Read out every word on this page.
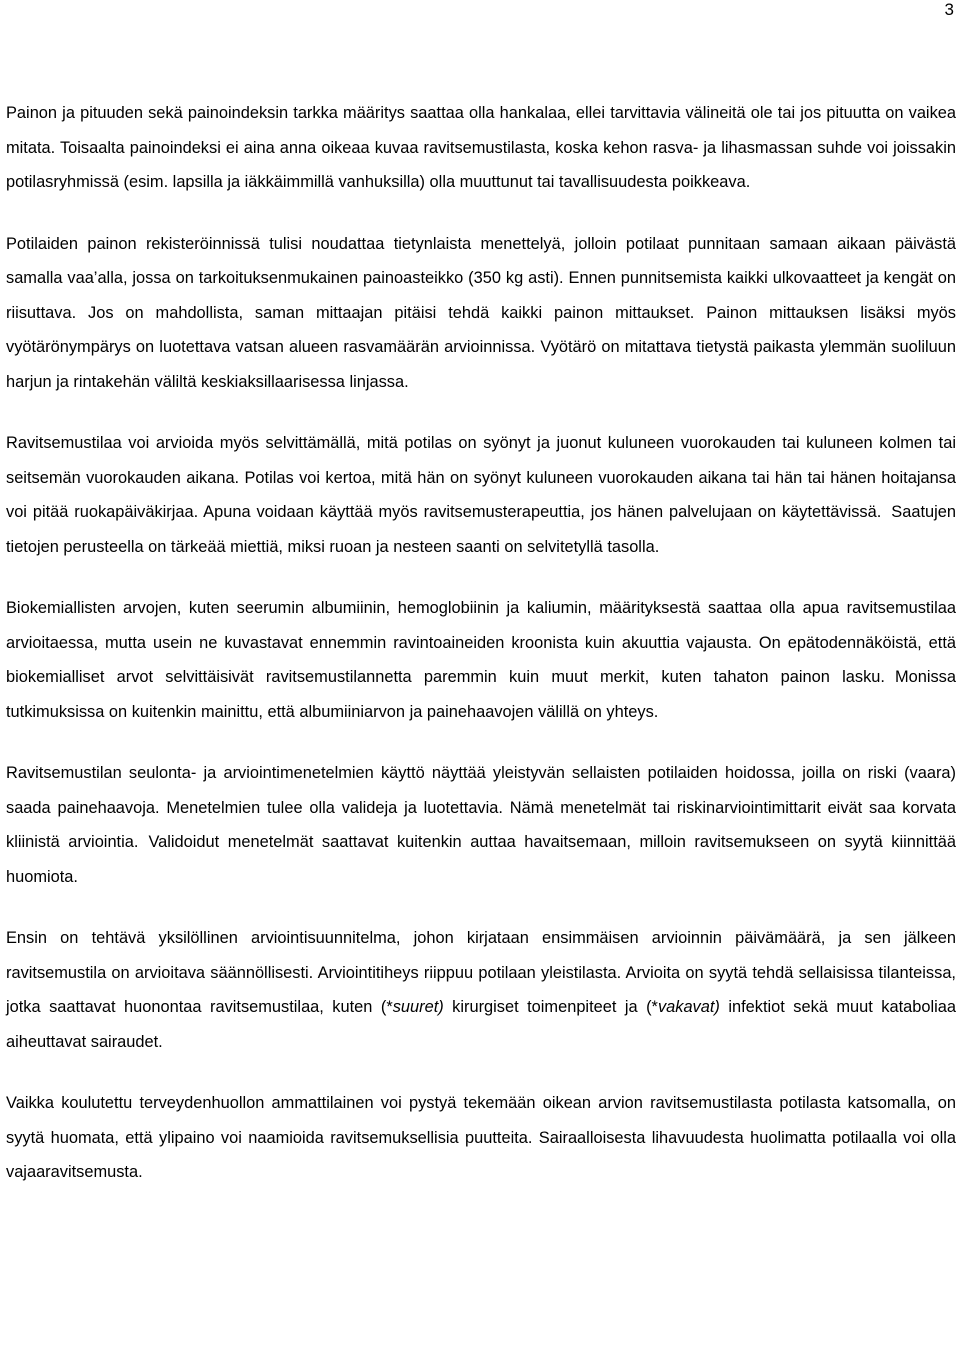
3

Painon ja pituuden sekä painoindeksin tarkka määritys saattaa olla hankalaa, ellei tarvittavia välineitä ole tai jos pituutta on vaikea mitata. Toisaalta painoindeksi ei aina anna oikeaa kuvaa ravitsemustilasta, koska kehon rasva- ja lihasmassan suhde voi joissakin potilasryhmissä (esim. lapsilla ja iäkkäimmillä vanhuksilla) olla muuttunut tai tavallisuudesta poikkeava.

Potilaiden painon rekisteröinnissä tulisi noudattaa tietynlaista menettelyä, jolloin potilaat punnitaan samaan aikaan päivästä samalla vaa’alla, jossa on tarkoituksenmukainen painoasteikko (350 kg asti). Ennen punnitsemista kaikki ulkovaatteet ja kengät on riisuttava. Jos on mahdollista, saman mittaajan pitäisi tehdä kaikki painon mittaukset. Painon mittauksen lisäksi myös vyötärönympärys on luotettava vatsan alueen rasvamäärän arvioinnissa. Vyötärö on mitattava tietystä paikasta ylemmän suoliluun harjun ja rintakehän väliltä keskiaksillaarisessa linjassa.

Ravitsemustilaa voi arvioida myös selvittämällä, mitä potilas on syönyt ja juonut kuluneen vuorokauden tai kuluneen kolmen tai seitsemän vuorokauden aikana. Potilas voi kertoa, mitä hän on syönyt kuluneen vuorokauden aikana tai hän tai hänen hoitajansa voi pitää ruokapäiväkirjaa. Apuna voidaan käyttää myös ravitsemusterapeuttia, jos hänen palvelujaan on käytettävissä. Saatujen tietojen perusteella on tärkeää miettiä, miksi ruoan ja nesteen saanti on selvitetyllä tasolla.

Biokemiallisten arvojen, kuten seerumin albumiinin, hemoglobiinin ja kaliumin, määrityksestä saattaa olla apua ravitsemustilaa arvioitaessa, mutta usein ne kuvastavat ennemmin ravintoaineiden kroonista kuin akuuttia vajausta. On epätodennäköistä, että biokemialliset arvot selvittäisivät ravitsemustilannetta paremmin kuin muut merkit, kuten tahaton painon lasku. Monissa tutkimuksissa on kuitenkin mainittu, että albumiiniarvon ja painehaavojen välillä on yhteys.

Ravitsemustilan seulonta- ja arviointimenetelmien käyttö näyttää yleistyvän sellaisten potilaiden hoidossa, joilla on riski (vaara) saada painehaavoja. Menetelmien tulee olla valideja ja luotettavia. Nämä menetelmät tai riskinarviointimittarit eivät saa korvata kliinistä arviointia. Validoidut menetelmät saattavat kuitenkin auttaa havaitsemaan, milloin ravitsemukseen on syytä kiinnittää huomiota.

Ensin on tehtävä yksilöllinen arviointisuunnitelma, johon kirjataan ensimmäisen arvioinnin päivämäärä, ja sen jälkeen ravitsemustila on arvioitava säännöllisesti. Arviointitiheys riippuu potilaan yleistilasta. Arvioita on syytä tehdä sellaisissa tilanteissa, jotka saattavat huonontaa ravitsemustilaa, kuten (*suuret) kirurgiset toimenpiteet ja (*vakavat) infektiot sekä muut kataboliaa aiheuttavat sairaudet.

Vaikka koulutettu terveydenhuollon ammattilainen voi pystyä tekemään oikean arvion ravitsemustilasta potilasta katsomalla, on syytä huomata, että ylipaino voi naamioida ravitsemuksellisia puutteita. Sairaalloisesta lihavuudesta huolimatta potilaalla voi olla vajaaravitsemusta.
